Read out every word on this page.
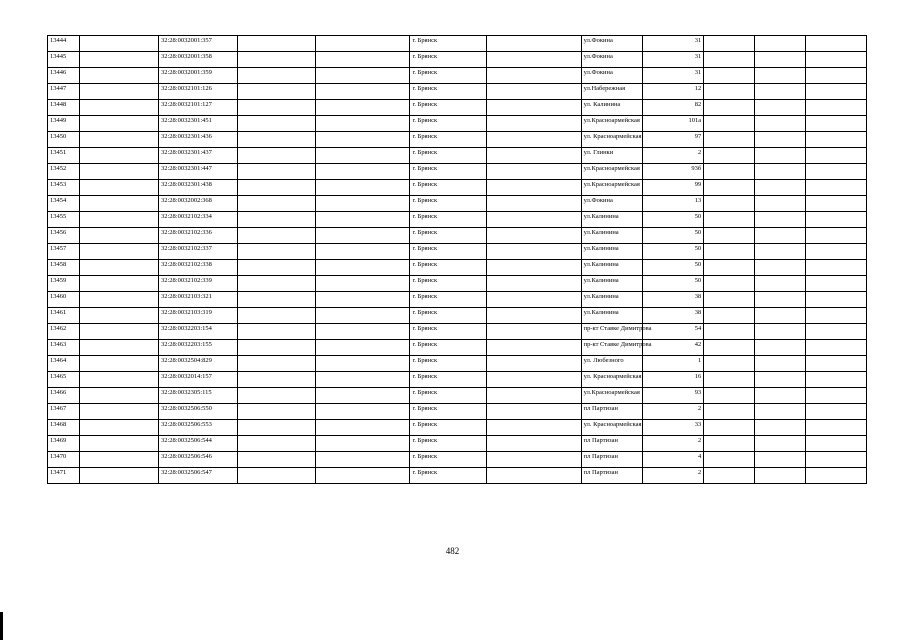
13444		32:28:0032001:357			г. Брянск		ул.Фокина	31			
13445		32:28:0032001:358			г. Брянск		ул.Фокина	31			
13446		32:28:0032001:359			г. Брянск		ул.Фокина	31			
13447		32:28:0032101:126			г. Брянск		ул.Набережная	12			
13448		32:28:0032101:127			г. Брянск		ул. Калинина	82			
13449		32:28:0032301:451			г. Брянск		ул.Красноармейская	101а			
13450		32:28:0032301:436			г. Брянск		ул. Красноармейская	97			
13451		32:28:0032301:437			г. Брянск		ул. Глинки	2			
13452		32:28:0032301:447			г. Брянск		ул.Красноармейская	93б			
13453		32:28:0032301:438			г. Брянск		ул.Красноармейская	99			
13454		32:28:0032002:368			г. Брянск		ул.Фокина	13			
13455		32:28:0032102:334			г. Брянск		ул.Калинина	50			
13456		32:28:0032102:336			г. Брянск		ул.Калинина	50			
13457		32:28:0032102:337			г. Брянск		ул.Калинина	50			
13458		32:28:0032102:338			г. Брянск		ул.Калинина	50			
13459		32:28:0032102:339			г. Брянск		ул.Калинина	50			
13460		32:28:0032103:321			г. Брянск		ул.Калинина	38			
13461		32:28:0032103:319			г. Брянск		ул.Калинина	38			
13462		32:28:0032203:154			г. Брянск		пр-кт Ставке Димитрова	54			
13463		32:28:0032203:155			г. Брянск		пр-кт Ставке Димитрова	42			
13464		32:28:0032504:829			г. Брянск		ул. Любезного	1			
13465		32:28:0032014:157			г. Брянск		ул. Красноармейская	16			
13466		32:28:0032305:115			г. Брянск		ул.Красноармейская	93			
13467		32:28:0032506:550			г. Брянск		пл Партизан	2			
13468		32:28:0032506:553			г. Брянск		ул. Красноармейская	33			
13469		32:28:0032506:544			г. Брянск		пл Партизан	2			
13470		32:28:0032506:546			г. Брянск		пл Партизан	4			
13471		32:28:0032506:547			г. Брянск		пл Партизан	2			
482
